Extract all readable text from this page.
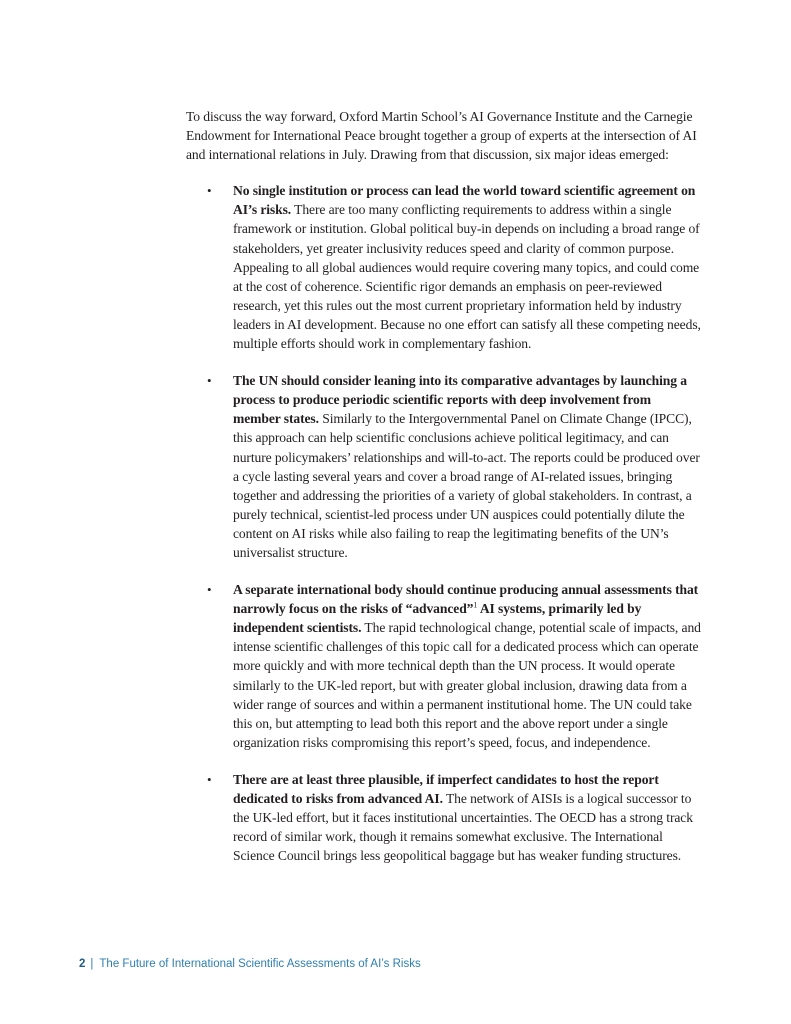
To discuss the way forward, Oxford Martin School’s AI Governance Institute and the Carnegie Endowment for International Peace brought together a group of experts at the intersection of AI and international relations in July. Drawing from that discussion, six major ideas emerged:

• No single institution or process can lead the world toward scientific agreement on AI’s risks. There are too many conflicting requirements to address within a single framework or institution. Global political buy-in depends on including a broad range of stakeholders, yet greater inclusivity reduces speed and clarity of common purpose. Appealing to all global audiences would require covering many topics, and could come at the cost of coherence. Scientific rigor demands an emphasis on peer-reviewed research, yet this rules out the most current proprietary information held by industry leaders in AI development. Because no one effort can satisfy all these competing needs, multiple efforts should work in complementary fashion.
• The UN should consider leaning into its comparative advantages by launching a process to produce periodic scientific reports with deep involvement from member states. Similarly to the Intergovernmental Panel on Climate Change (IPCC), this approach can help scientific conclusions achieve political legitimacy, and can nurture policymakers’ relationships and will-to-act. The reports could be produced over a cycle lasting several years and cover a broad range of AI-related issues, bringing together and addressing the priorities of a variety of global stakeholders. In contrast, a purely technical, scientist-led process under UN auspices could potentially dilute the content on AI risks while also failing to reap the legitimating benefits of the UN’s universalist structure.
• A separate international body should continue producing annual assessments that narrowly focus on the risks of “advanced”$^1$ AI systems, primarily led by independent scientists. The rapid technological change, potential scale of impacts, and intense scientific challenges of this topic call for a dedicated process which can operate more quickly and with more technical depth than the UN process. It would operate similarly to the UK-led report, but with greater global inclusion, drawing data from a wider range of sources and within a permanent institutional home. The UN could take this on, but attempting to lead both this report and the above report under a single organization risks compromising this report’s speed, focus, and independence.
• There are at least three plausible, if imperfect candidates to host the report dedicated to risks from advanced AI. The network of AISIs is a logical successor to the UK-led effort, but it faces institutional uncertainties. The OECD has a strong track record of similar work, though it remains somewhat exclusive. The International Science Council brings less geopolitical baggage but has weaker funding structures.
2 | The Future of International Scientific Assessments of AI’s Risks
